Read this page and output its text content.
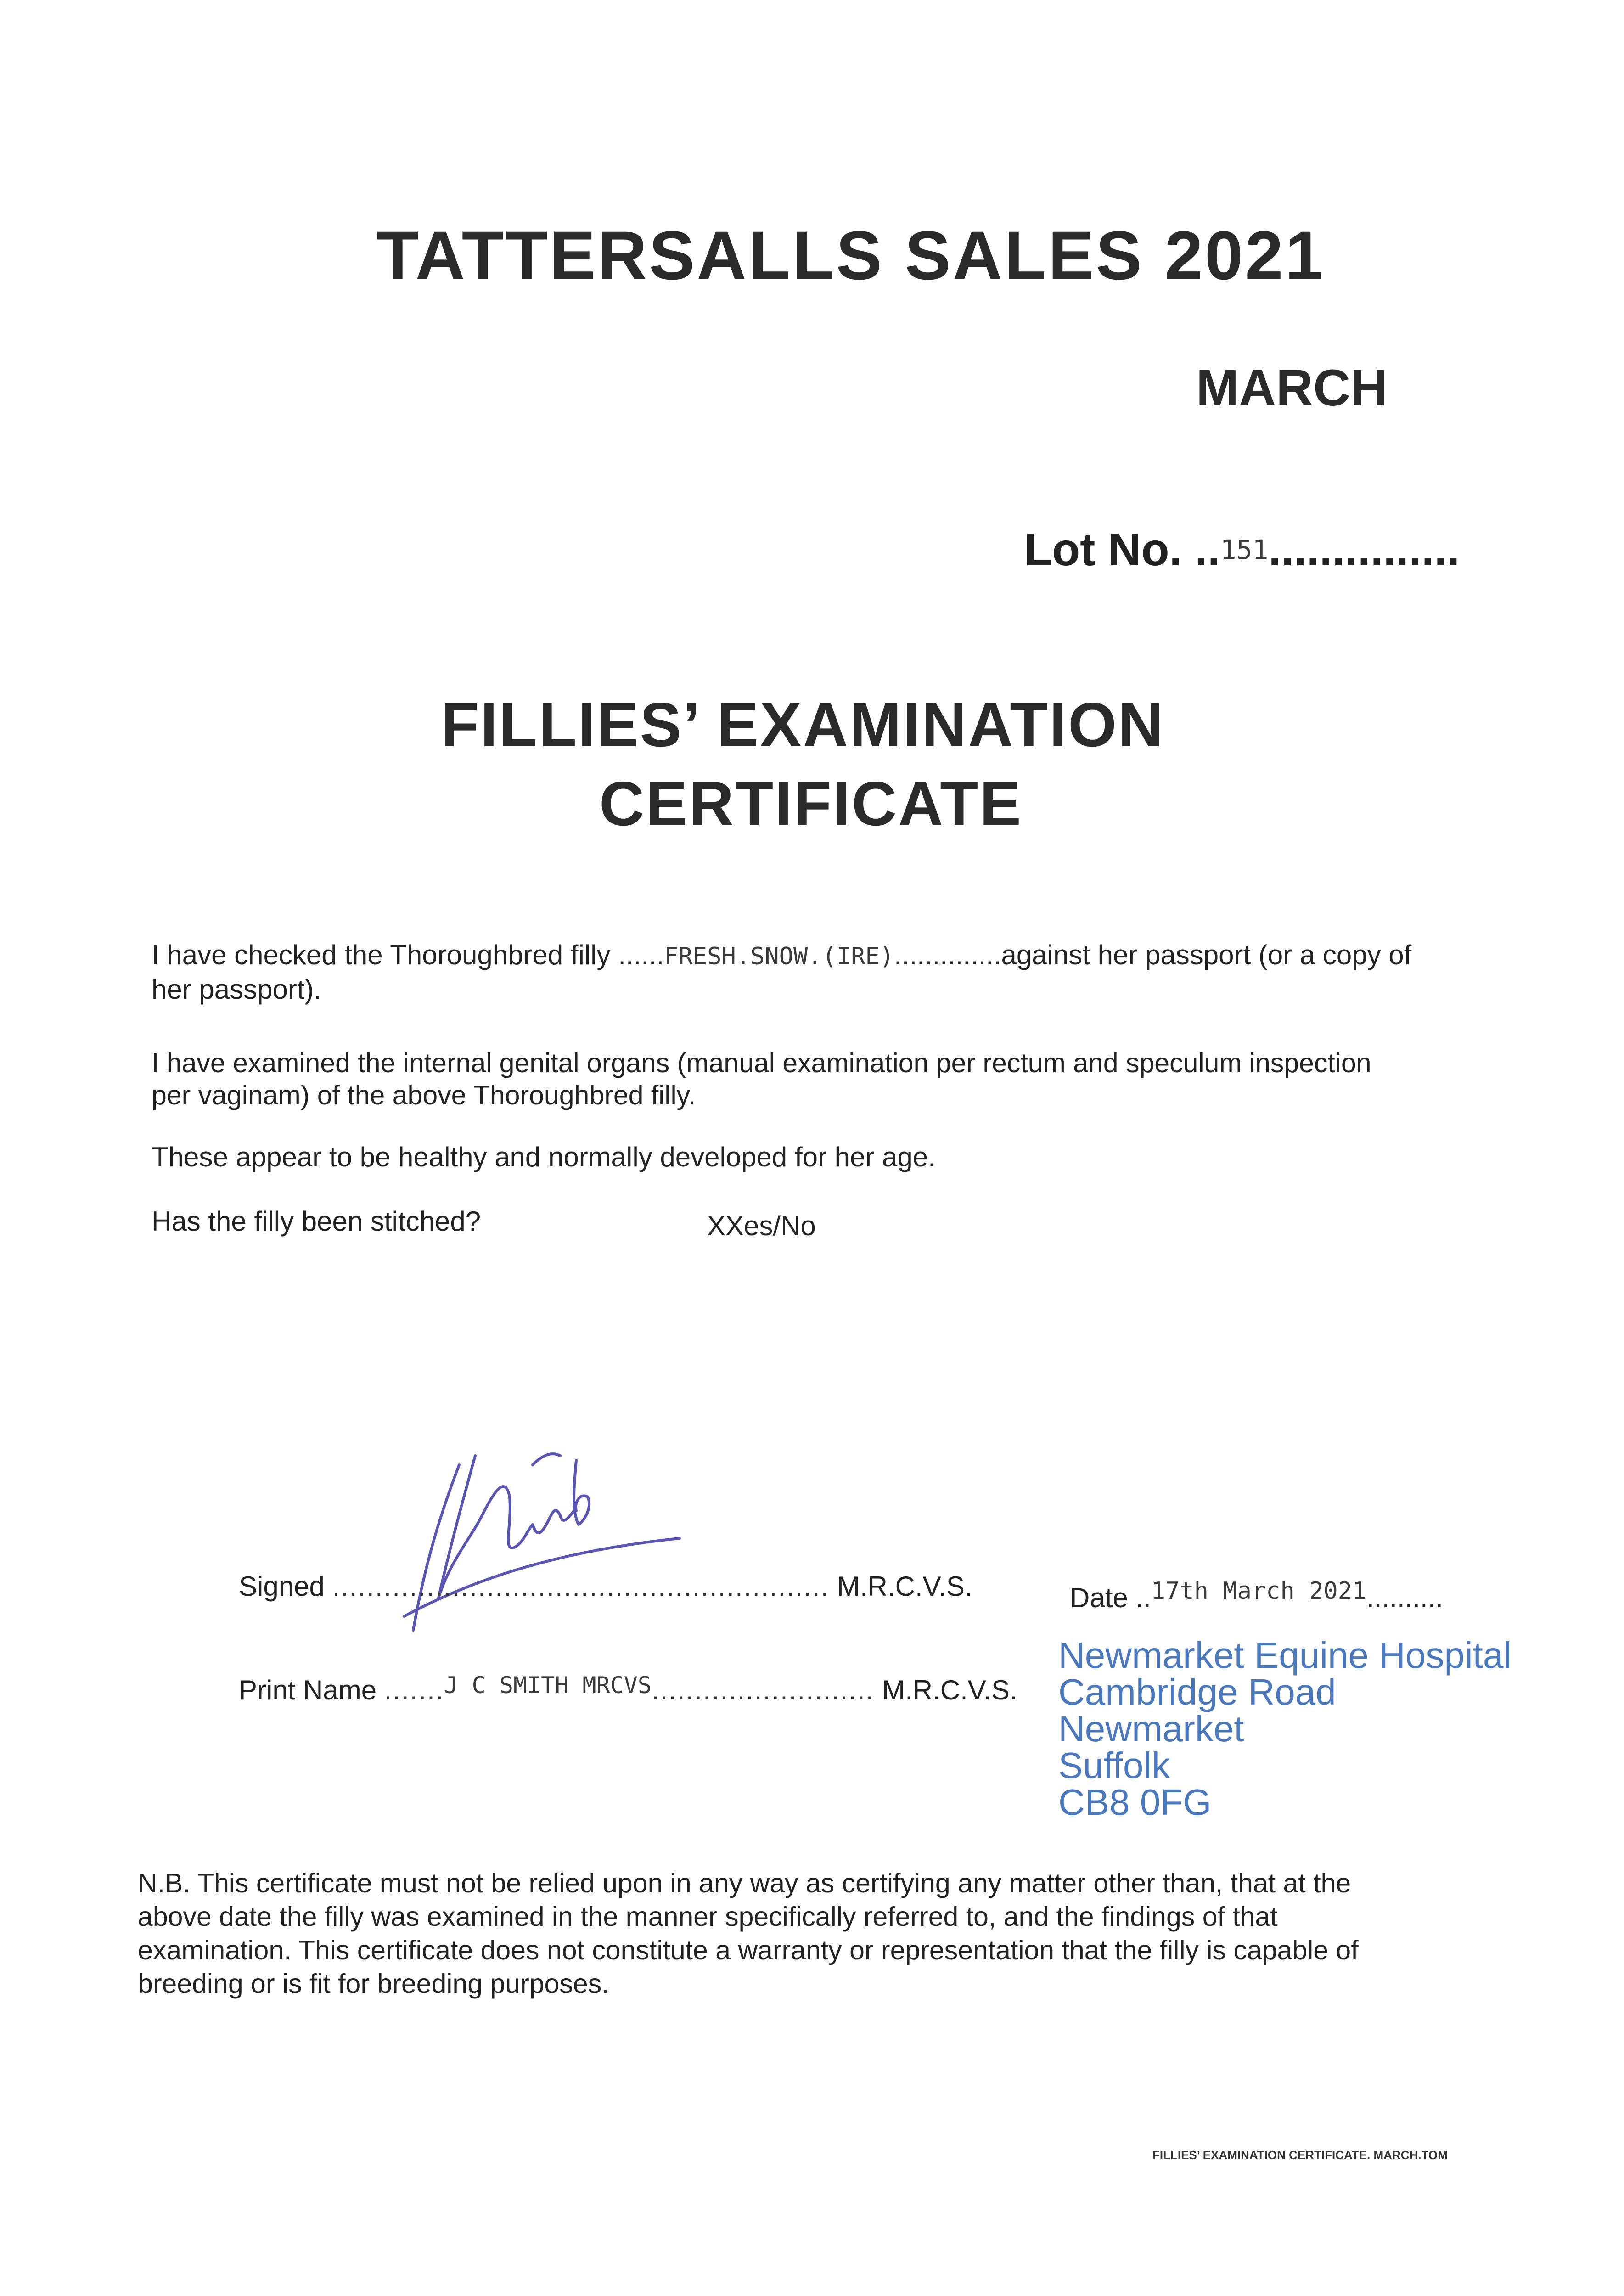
TATTERSALLS SALES 2021
MARCH
Lot No. ..151...............
FILLIES’ EXAMINATION
CERTIFICATE
I have checked the Thoroughbred filly ......FRESH.SNOW.(IRE)..............against her passport (or a copy of
her passport).
I have examined the internal genital organs (manual examination per rectum and speculum inspection
per vaginam) of the above Thoroughbred filly.
These appear to be healthy and normally developed for her age.
Has the filly been stitched?	XXes/No
Signed .......................................................... M.R.C.V.S.	Date ..17th March 2021..........
Print Name .......$^{J C SMITH MRCVS}$.......................... M.R.C.V.S.
Newmarket Equine Hospital
Cambridge Road
Newmarket
Suffolk
CB8 0FG
N.B. This certificate must not be relied upon in any way as certifying any matter other than, that at the
above date the filly was examined in the manner specifically referred to, and the findings of that
examination. This certificate does not constitute a warranty or representation that the filly is capable of
breeding or is fit for breeding purposes.
FILLIES’ EXAMINATION CERTIFICATE. MARCH.TOM
